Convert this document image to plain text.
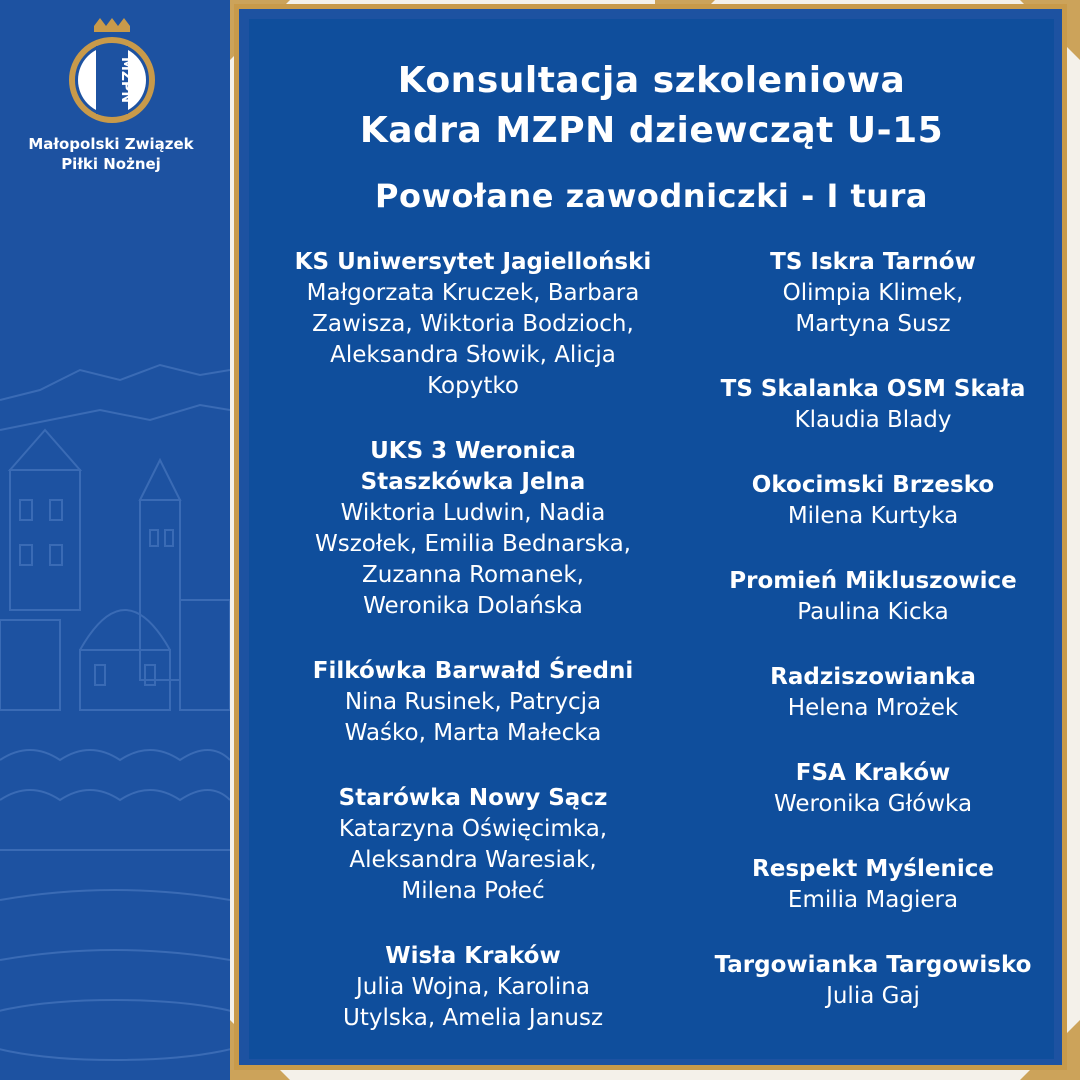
MZPN
Małopolski Związek
Piłki Nożnej
Konsultacja szkoleniowa
Kadra MZPN dziewcząt U-15
Powołane zawodniczki - I tura
KS Uniwersytet Jagielloński
Małgorzata Kruczek, Barbara
Zawisza, Wiktoria Bodzioch,
Aleksandra Słowik, Alicja
Kopytko
UKS 3 Weronica
Staszkówka Jelna
Wiktoria Ludwin, Nadia
Wszołek, Emilia Bednarska,
Zuzanna Romanek,
Weronika Dolańska
Filkówka Barwałd Średni
Nina Rusinek, Patrycja
Waśko, Marta Małecka
Starówka Nowy Sącz
Katarzyna Oświęcimka,
Aleksandra Waresiak,
Milena Połeć
Wisła Kraków
Julia Wojna, Karolina
Utylska, Amelia Janusz
TS Iskra Tarnów
Olimpia Klimek,
Martyna Susz
TS Skalanka OSM Skała
Klaudia Blady
Okocimski Brzesko
Milena Kurtyka
Promień Mikluszowice
Paulina Kicka
Radziszowianka
Helena Mrożek
FSA Kraków
Weronika Główka
Respekt Myślenice
Emilia Magiera
Targowianka Targowisko
Julia Gaj
